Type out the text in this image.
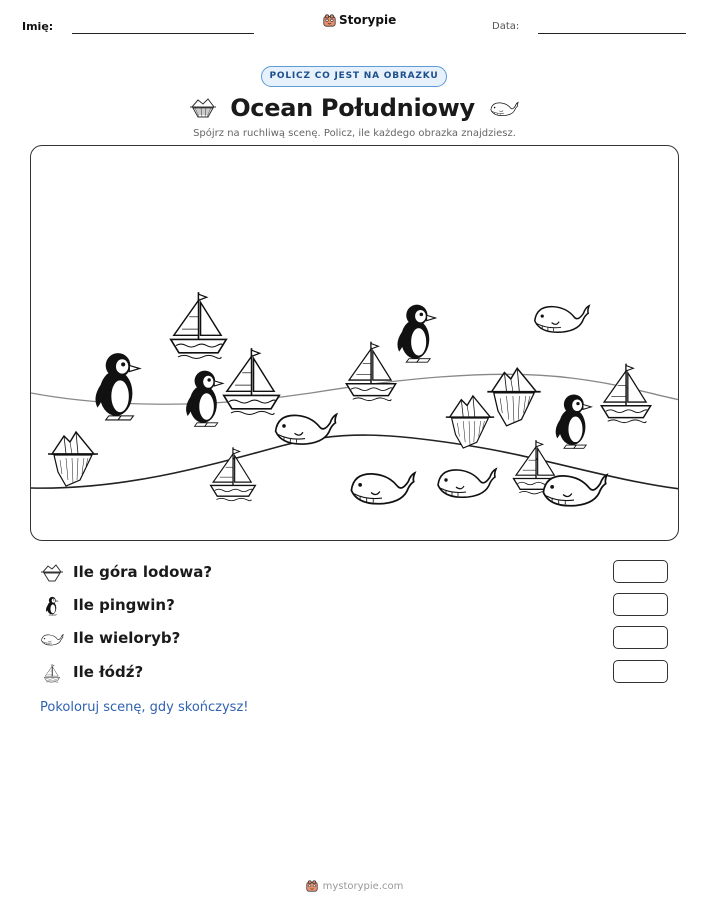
Imię:	Storypie	Data:
POLICZ CO JEST NA OBRAZKU
Ocean Południowy
Spójrz na ruchliwą scenę. Policz, ile każdego obrazka znajdziesz.
Ile góra lodowa?
Ile pingwin?
Ile wieloryb?
Ile łódź?
Pokoloruj scenę, gdy skończysz!
mystorypie.com
